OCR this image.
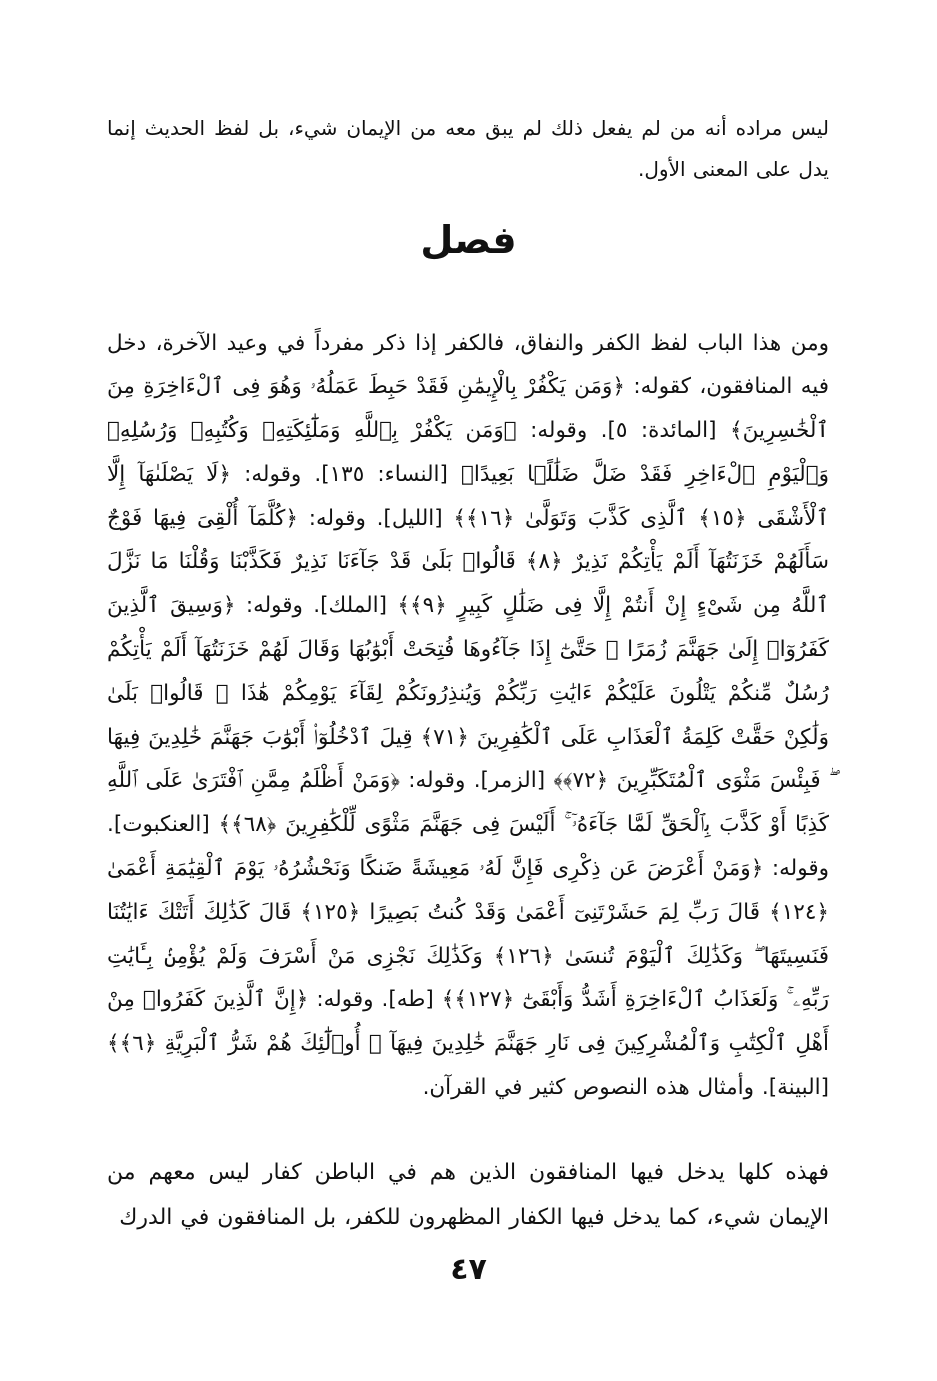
ليس مراده أنه من لم يفعل ذلك لم يبق معه من الإيمان شيء، بل لفظ الحديث إنما يدل على المعنى الأول.

فصل

ومن هذا الباب لفظ الكفر والنفاق، فالكفر إذا ذكر مفرداً في وعيد الآخرة، دخل فيه المنافقون، كقوله: ﴿وَمَن يَكْفُرْ بِالْإِيمَٰنِ فَقَدْ حَبِطَ عَمَلُهُۥ وَهُوَ فِى ٱلْءَاخِرَةِ مِنَ ٱلْخَٰسِرِينَ﴾ [المائدة: ٥]. وقوله: ﴿وَمَن يَكْفُرْ بِٱللَّهِ وَمَلَٰٓئِكَتِهِۦ وَكُتُبِهِۦ وَرُسُلِهِۦ وَٱلْيَوْمِ ٱلْءَاخِرِ فَقَدْ ضَلَّ ضَلَٰلًۢا بَعِيدًا﴾ [النساء: ١٣٥]. وقوله: ﴿لَا يَصْلَىٰهَآ إِلَّا ٱلْأَشْقَى ﴿١٥﴾ ٱلَّذِى كَذَّبَ وَتَوَلَّىٰ ﴿١٦﴾﴾ [الليل]. وقوله: ﴿كُلَّمَآ أُلْقِىَ فِيهَا فَوْجٌ سَأَلَهُمْ خَزَنَتُهَآ أَلَمْ يَأْتِكُمْ نَذِيرٌ ﴿٨﴾ قَالُوا۟ بَلَىٰ قَدْ جَآءَنَا نَذِيرٌ فَكَذَّبْنَا وَقُلْنَا مَا نَزَّلَ ٱللَّهُ مِن شَىْءٍ إِنْ أَنتُمْ إِلَّا فِى ضَلَٰلٍ كَبِيرٍ ﴿٩﴾﴾ [الملك]. وقوله: ﴿وَسِيقَ ٱلَّذِينَ كَفَرُوٓا۟ إِلَىٰ جَهَنَّمَ زُمَرًا ۖ حَتَّىٰٓ إِذَا جَآءُوهَا فُتِحَتْ أَبْوَٰبُهَا وَقَالَ لَهُمْ خَزَنَتُهَآ أَلَمْ يَأْتِكُمْ رُسُلٌ مِّنكُمْ يَتْلُونَ عَلَيْكُمْ ءَايَٰتِ رَبِّكُمْ وَيُنذِرُونَكُمْ لِقَآءَ يَوْمِكُمْ هَٰذَا ۚ قَالُوا۟ بَلَىٰ وَلَٰكِنْ حَقَّتْ كَلِمَةُ ٱلْعَذَابِ عَلَى ٱلْكَٰفِرِينَ ﴿٧١﴾ قِيلَ ٱدْخُلُوٓا۟ أَبْوَٰبَ جَهَنَّمَ خَٰلِدِينَ فِيهَا ۖ فَبِئْسَ مَثْوَى ٱلْمُتَكَبِّرِينَ ﴿٧٢﴾﴾ [الزمر]. وقوله: ﴿وَمَنْ أَظْلَمُ مِمَّنِ ٱفْتَرَىٰ عَلَى ٱللَّهِ كَذِبًا أَوْ كَذَّبَ بِٱلْحَقِّ لَمَّا جَآءَهُۥٓ ۚ أَلَيْسَ فِى جَهَنَّمَ مَثْوًى لِّلْكَٰفِرِينَ ﴿٦٨﴾﴾ [العنكبوت]. وقوله: ﴿وَمَنْ أَعْرَضَ عَن ذِكْرِى فَإِنَّ لَهُۥ مَعِيشَةً ضَنكًا وَنَحْشُرُهُۥ يَوْمَ ٱلْقِيَٰمَةِ أَعْمَىٰ ﴿١٢٤﴾ قَالَ رَبِّ لِمَ حَشَرْتَنِىٓ أَعْمَىٰ وَقَدْ كُنتُ بَصِيرًا ﴿١٢٥﴾ قَالَ كَذَٰلِكَ أَتَتْكَ ءَايَٰتُنَا فَنَسِيتَهَا ۖ وَكَذَٰلِكَ ٱلْيَوْمَ تُنسَىٰ ﴿١٢٦﴾ وَكَذَٰلِكَ نَجْزِى مَنْ أَسْرَفَ وَلَمْ يُؤْمِنۢ بِـَٔايَٰتِ رَبِّهِۦ ۚ وَلَعَذَابُ ٱلْءَاخِرَةِ أَشَدُّ وَأَبْقَىٰٓ ﴿١٢٧﴾﴾ [طه]. وقوله: ﴿إِنَّ ٱلَّذِينَ كَفَرُوا۟ مِنْ أَهْلِ ٱلْكِتَٰبِ وَٱلْمُشْرِكِينَ فِى نَارِ جَهَنَّمَ خَٰلِدِينَ فِيهَآ ۚ أُو۟لَٰٓئِكَ هُمْ شَرُّ ٱلْبَرِيَّةِ ﴿٦﴾﴾ [البينة]. وأمثال هذه النصوص كثير في القرآن.

فهذه كلها يدخل فيها المنافقون الذين هم في الباطن كفار ليس معهم من الإيمان شيء، كما يدخل فيها الكفار المظهرون للكفر، بل المنافقون في الدرك

٤٧
